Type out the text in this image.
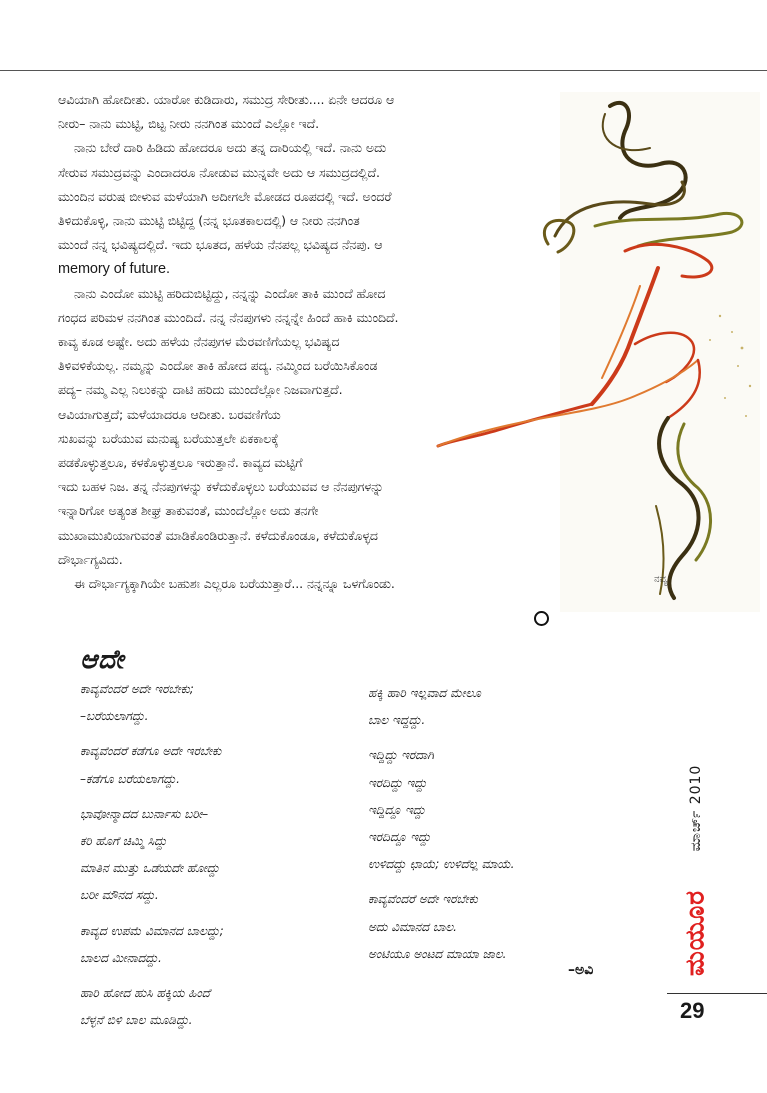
ಆವಿಯಾಗಿ ಹೋದೀತು. ಯಾರೋ ಕುಡಿದಾರು, ಸಮುದ್ರ ಸೇರೀತು.... ಏನೇ ಆದರೂ ಆ
ನೀರು– ನಾನು ಮುಟ್ಟಿ, ಬಿಟ್ಟ ನೀರು ನನಗಿಂತ ಮುಂದೆ ಎಲ್ಲೋ ಇದೆ.
ನಾನು ಬೇರೆ ದಾರಿ ಹಿಡಿದು ಹೋದರೂ ಅದು ತನ್ನ ದಾರಿಯಲ್ಲಿ ಇದೆ. ನಾನು ಅದು
ಸೇರುವ ಸಮುದ್ರವನ್ನು ಎಂದಾದರೂ ನೋಡುವ ಮುನ್ನವೇ ಅದು ಆ ಸಮುದ್ರದಲ್ಲಿದೆ.
ಮುಂದಿನ ವರುಷ ಬೀಳುವ ಮಳೆಯಾಗಿ ಅದೀಗಲೇ ಮೋಡದ ರೂಪದಲ್ಲಿ ಇದೆ. ಅಂದರೆ
ತಿಳಿದುಕೊಳ್ಳಿ, ನಾನು ಮುಟ್ಟಿ ಬಿಟ್ಟಿದ್ದ (ನನ್ನ ಭೂತಕಾಲದಲ್ಲಿ) ಆ ನೀರು ನನಗಿಂತ
ಮುಂದೆ ನನ್ನ ಭವಿಷ್ಯದಲ್ಲಿದೆ. ಇದು ಭೂತದ, ಹಳೆಯ ನೆನಪಲ್ಲ ಭವಿಷ್ಯದ ನೆನಪು. ಆ
memory of future.
ನಾನು ಎಂದೋ ಮುಟ್ಟಿ ಹರಿದುಬಿಟ್ಟಿದ್ದು, ನನ್ನನ್ನು ಎಂದೋ ತಾಕಿ ಮುಂದೆ ಹೋದ
ಗಂಧದ ಪರಿಮಳ ನನಗಿಂತ ಮುಂದಿದೆ. ನನ್ನ ನೆನಪುಗಳು ನನ್ನನ್ನೇ ಹಿಂದೆ ಹಾಕಿ ಮುಂದಿದೆ.
ಕಾವ್ಯ ಕೂಡ ಅಷ್ಟೇ. ಅದು ಹಳೆಯ ನೆನಪುಗಳ ಮೆರವಣಿಗೆಯಲ್ಲ ಭವಿಷ್ಯದ
ತಿಳಿವಳಿಕೆಯಲ್ಲ. ನಮ್ಮನ್ನು ಎಂದೋ ತಾಕಿ ಹೋದ ಪದ್ಯ. ನಮ್ಮಿಂದ ಬರೆಯಿಸಿಕೊಂಡ
ಪದ್ಯ– ನಮ್ಮ ಎಲ್ಲ ನಿಲುಕನ್ನು ದಾಟಿ ಹರಿದು ಮುಂದೆಲ್ಲೋ ನಿಜವಾಗುತ್ತದೆ.
ಆವಿಯಾಗುತ್ತದೆ; ಮಳೆಯಾದರೂ ಆದೀತು. ಬರವಣಿಗೆಯ
ಸುಖವನ್ನು ಬರೆಯುವ ಮನುಷ್ಯ ಬರೆಯುತ್ತಲೇ ಏಕಕಾಲಕ್ಕೆ
ಪಡಕೊಳ್ಳುತ್ತಲೂ, ಕಳಕೊಳ್ಳುತ್ತಲೂ ಇರುತ್ತಾನೆ. ಕಾವ್ಯದ ಮಟ್ಟಿಗೆ
ಇದು ಬಹಳ ನಿಜ. ತನ್ನ ನೆನಪುಗಳನ್ನು ಕಳೆದುಕೊಳ್ಳಲು ಬರೆಯುವವ ಆ ನೆನಪುಗಳನ್ನು
ಇನ್ನಾರಿಗೋ ಅತ್ಯಂತ ಶೀಘ್ರ ತಾಕುವಂತೆ, ಮುಂದೆಲ್ಲೋ ಅದು ತನಗೇ
ಮುಖಾಮುಖಿಯಾಗುವಂತೆ ಮಾಡಿಕೊಂಡಿರುತ್ತಾನೆ. ಕಳೆದುಕೊಂಡೂ, ಕಳೆದುಕೊಳ್ಳದ
ದೌರ್ಭಾಗ್ಯವಿದು.
ಈ ದೌರ್ಭಾಗ್ಯಕ್ಕಾಗಿಯೇ ಬಹುಶಃ ಎಲ್ಲರೂ ಬರೆಯುತ್ತಾರೆ... ನನ್ನನ್ನೂ ಒಳಗೊಂಡು.	ನವ್ಯ
ಆದೇ
ಕಾವ್ಯವೆಂದರೆ ಅದೇ ಇರಬೇಕು;
–ಬರೆಯಲಾಗದ್ದು.
ಕಾವ್ಯವೆಂದರೆ ಕಡೆಗೂ ಅದೇ ಇರಬೇಕು
–ಕಡೆಗೂ ಬರೆಯಲಾಗದ್ದು.
ಭಾವೋನ್ಮಾದದ ಬುರ್ನಾಸು ಬರೀ–
ಕರಿ ಹೊಗೆ ಚಿಮ್ಮಿ ಸಿದ್ದು
ಮಾತಿನ ಮುತ್ತು ಒಡೆಯದೇ ಹೋದ್ದು
ಬರೀ ಮೌನದ ಸದ್ದು.
ಕಾವ್ಯದ ಉಪಮೆ ವಿಮಾನದ ಬಾಲದ್ದು;
ಬಾಲದ ಮೀನಾದದ್ದು.
ಹಾರಿ ಹೋದ ಹುಸಿ ಹಕ್ಕಿಯ ಹಿಂದೆ
ಬೆಳ್ಳನೆ ಬಿಳಿ ಬಾಲ ಮೂಡಿದ್ದು.
ಹಕ್ಕಿ ಹಾರಿ ಇಲ್ಲವಾದ ಮೇಲೂ
ಬಾಲ ಇದ್ದದ್ದು.
ಇದ್ದಿದ್ದು ಇರದಾಗಿ
ಇರದಿದ್ದು ಇದ್ದು
ಇದ್ದಿದ್ದೂ ಇದ್ದು
ಇರದಿದ್ದೂ ಇದ್ದು
ಉಳಿದದ್ದು ಛಾಯೆ; ಉಳಿದೆಲ್ಲ ಮಾಯೆ.
ಕಾವ್ಯವೆಂದರೆ ಅದೇ ಇರಬೇಕು
ಅದು ವಿಮಾನದ ಬಾಲ.
ಅಂಟಿಯೂ ಅಂಟದ ಮಾಯಾ ಜಾಲ.
–ಅವಿ
ಮಾರ್ಚ್ 2010
ಮಯೂರ
29
